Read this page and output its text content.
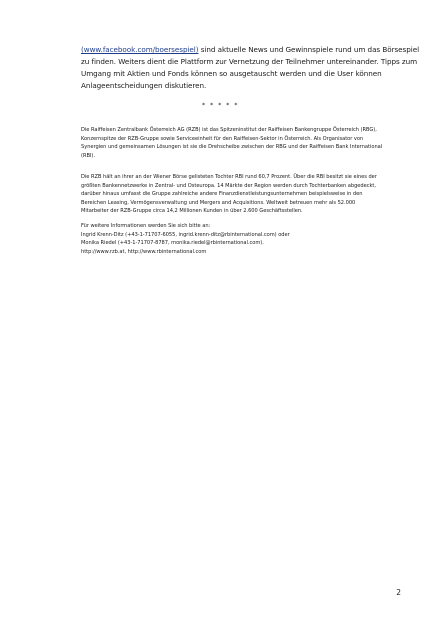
(www.facebook.com/boersespiel) sind aktuelle News und Gewinnspiele rund um das Börsespiel
zu finden. Weiters dient die Plattform zur Vernetzung der Teilnehmer untereinander. Tipps zum
Umgang mit Aktien und Fonds können so ausgetauscht werden und die User können
Anlageentscheidungen diskutieren.
* * * * *
Die Raiffeisen Zentralbank Österreich AG (RZB) ist das Spitzeninstitut der Raiffeisen Bankengruppe Österreich (RBG),
Konzernspitze der RZB-Gruppe sowie Serviceeinheit für den Raiffeisen-Sektor in Österreich. Als Organisator von
Synergien und gemeinsamen Lösungen ist sie die Drehscheibe zwischen der RBG und der Raiffeisen Bank International
(RBI).
Die RZB hält an ihrer an der Wiener Börse gelisteten Tochter RBI rund 60,7 Prozent. Über die RBI besitzt sie eines der
größten Bankennetzwerke in Zentral- und Osteuropa. 14 Märkte der Region werden durch Tochterbanken abgedeckt,
darüber hinaus umfasst die Gruppe zahlreiche andere Finanzdienstleistungsunternehmen beispielsweise in den
Bereichen Leasing, Vermögensverwaltung und Mergers and Acquisitions. Weltweit betreuen mehr als 52.000
Mitarbeiter der RZB-Gruppe circa 14,2 Millionen Kunden in über 2.600 Geschäftsstellen.
Für weitere Informationen werden Sie sich bitte an:
Ingrid Krenn-Ditz (+43-1-71707-6055, ingrid.krenn-ditz@rbinternational.com) oder
Monika Riedel (+43-1-71707-8787, monika.riedel@rbinternational.com).
http://www.rzb.at, http://www.rbinternational.com
2
